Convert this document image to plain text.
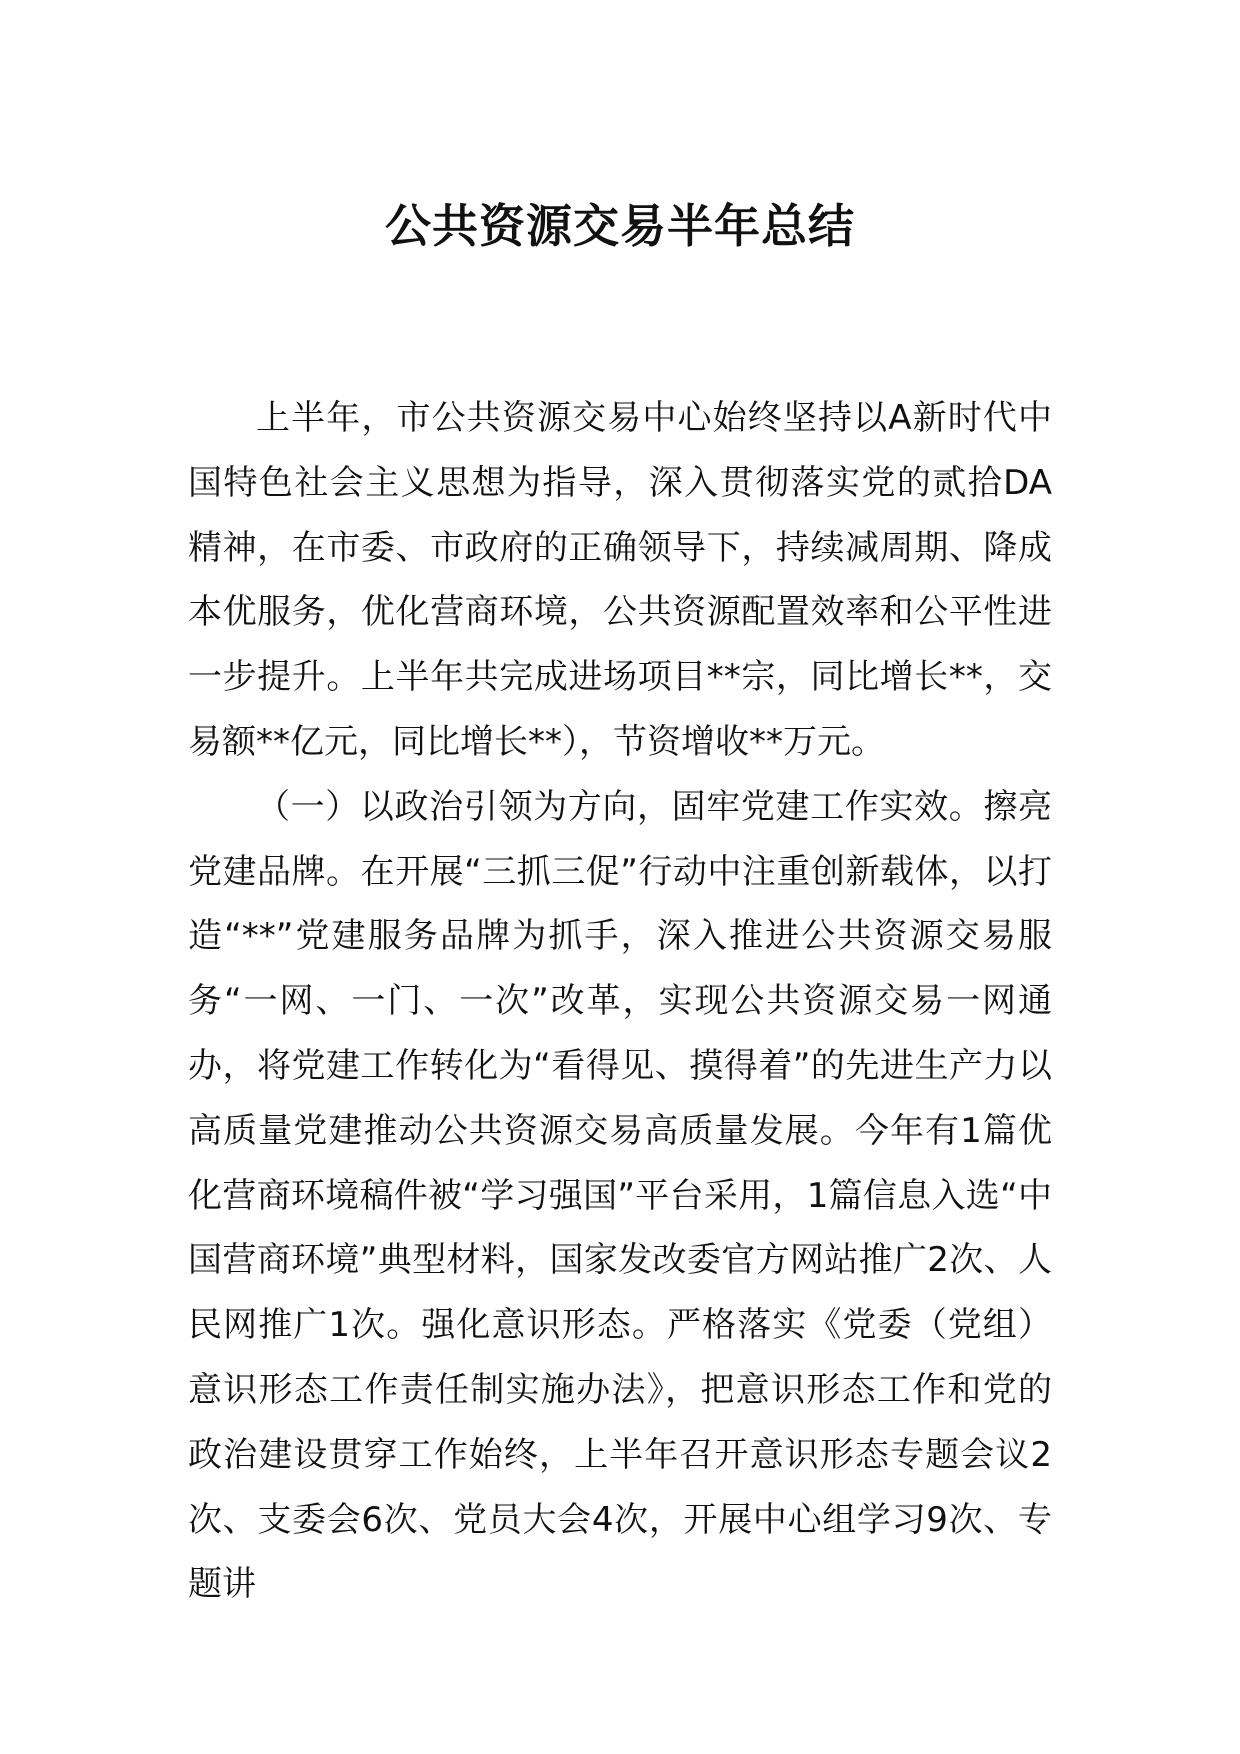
公共资源交易半年总结

上半年，市公共资源交易中心始终坚持以A新时代中国特色社会主义思想为指导，深入贯彻落实党的贰拾DA精神，在市委、市政府的正确领导下，持续减周期、降成本优服务，优化营商环境，公共资源配置效率和公平性进一步提升。上半年共完成进场项目**宗，同比增长**，交易额**亿元，同比增长**），节资增收**万元。

（一）以政治引领为方向，固牢党建工作实效。擦亮党建品牌。在开展“三抓三促”行动中注重创新载体，以打造“**”党建服务品牌为抓手，深入推进公共资源交易服务“一网、一门、一次”改革，实现公共资源交易一网通办，将党建工作转化为“看得见、摸得着”的先进生产力以高质量党建推动公共资源交易高质量发展。今年有1篇优化营商环境稿件被“学习强国”平台采用，1篇信息入选“中国营商环境”典型材料，国家发改委官方网站推广2次、人民网推广1次。强化意识形态。严格落实《党委（党组）意识形态工作责任制实施办法》，把意识形态工作和党的政治建设贯穿工作始终，上半年召开意识形态专题会议2次、支委会6次、党员大会4次，开展中心组学习9次、专题讲
